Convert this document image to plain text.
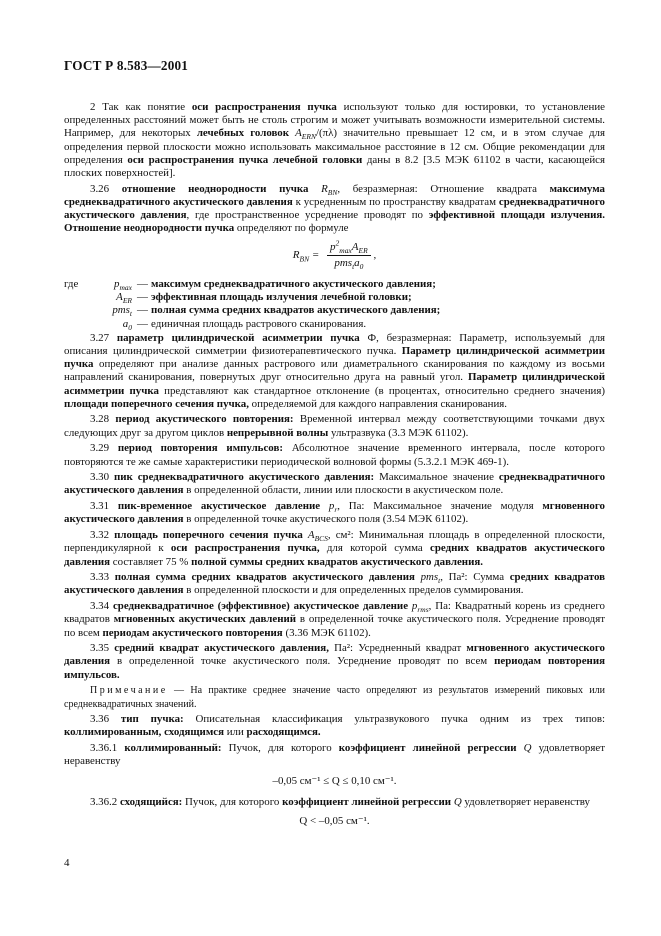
ГОСТ Р 8.583—2001

2 Так как понятие оси распространения пучка используют только для юстировки, то установление определенных расстояний может быть не столь строгим и может учитывать возможности измерительной системы. Например, для некоторых лечебных головок $A_{ERN}/(\pi\lambda)$ значительно превышает 12 см, и в этом случае для определения первой плоскости можно использовать максимальное расстояние в 12 см. Общие рекомендации для определения оси распространения пучка лечебной головки даны в 8.2 [3.5 МЭК 61102 в части, касающейся плоских поверхностей].

3.26 отношение неоднородности пучка $R_{BN}$, безразмерная: Отношение квадрата максимума среднеквадратичного акустического давления к усредненным по пространству квадратам среднеквадратичного акустического давления, где пространственное усреднение проводят по эффективной площади излучения. Отношение неоднородности пучка определяют по формуле

$R_{BN} = \frac{p^2_{max}A_{ER}}{pms_ta_0}$ ,
где	$p_{max}$	—	максимум среднеквадратичного акустического давления;
	$A_{ER}$	—	эффективная площадь излучения лечебной головки;
	pms$_t$	—	полная сумма средних квадратов акустического давления;
	$a_0$	—	единичная площадь растрового сканирования.

3.27 параметр цилиндрической асимметрии пучка Ф, безразмерная: Параметр, используемый для описания цилиндрической симметрии физиотерапевтического пучка. Параметр цилиндрической асимметрии пучка определяют при анализе данных растрового или диаметрального сканирования по каждому из восьми направлений сканирования, повернутых друг относительно друга на равный угол. Параметр цилиндрической асимметрии пучка представляют как стандартное отклонение (в процентах, относительно среднего значения) площади поперечного сечения пучка, определяемой для каждого направления сканирования.

3.28 период акустического повторения: Временной интервал между соответствующими точками двух следующих друг за другом циклов непрерывной волны ультразвука (3.3 МЭК 61102).

3.29 период повторения импульсов: Абсолютное значение временного интервала, после которого повторяются те же самые характеристики периодической волновой формы (5.3.2.1 МЭК 469-1).

3.30 пик среднеквадратичного акустического давления: Максимальное значение среднеквадратичного акустического давления в определенной области, линии или плоскости в акустическом поле.

3.31 пик-временное акустическое давление $p_r$, Па: Максимальное значение модуля мгновенного акустического давления в определенной точке акустического поля (3.54 МЭК 61102).

3.32 площадь поперечного сечения пучка $A_{BCS}$, см²: Минимальная площадь в определенной плоскости, перпендикулярной к оси распространения пучка, для которой сумма средних квадратов акустического давления составляет 75 % полной суммы средних квадратов акустического давления.

3.33 полная сумма средних квадратов акустического давления pms$_t$, Па²: Сумма средних квадратов акустического давления в определенной плоскости и для определенных пределов суммирования.

3.34 среднеквадратичное (эффективное) акустическое давление $p_{rms}$, Па: Квадратный корень из среднего квадратов мгновенных акустических давлений в определенной точке акустического поля. Усреднение проводят по всем периодам акустического повторения (3.36 МЭК 61102).

3.35 средний квадрат акустического давления, Па²: Усредненный квадрат мгновенного акустического давления в определенной точке акустического поля. Усреднение проводят по всем периодам повторения импульсов.

Примечание — На практике среднее значение часто определяют из результатов измерений пиковых или среднеквадратичных значений.

3.36 тип пучка: Описательная классификация ультразвукового пучка одним из трех типов: коллимированным, сходящимся или расходящимся.

3.36.1 коллимированный: Пучок, для которого коэффициент линейной регрессии Q удовлетворяет неравенству

–0,05 см⁻¹ ≤ Q ≤ 0,10 см⁻¹.

3.36.2 сходящийся: Пучок, для которого коэффициент линейной регрессии Q удовлетворяет неравенству

Q < –0,05 см⁻¹.
4
